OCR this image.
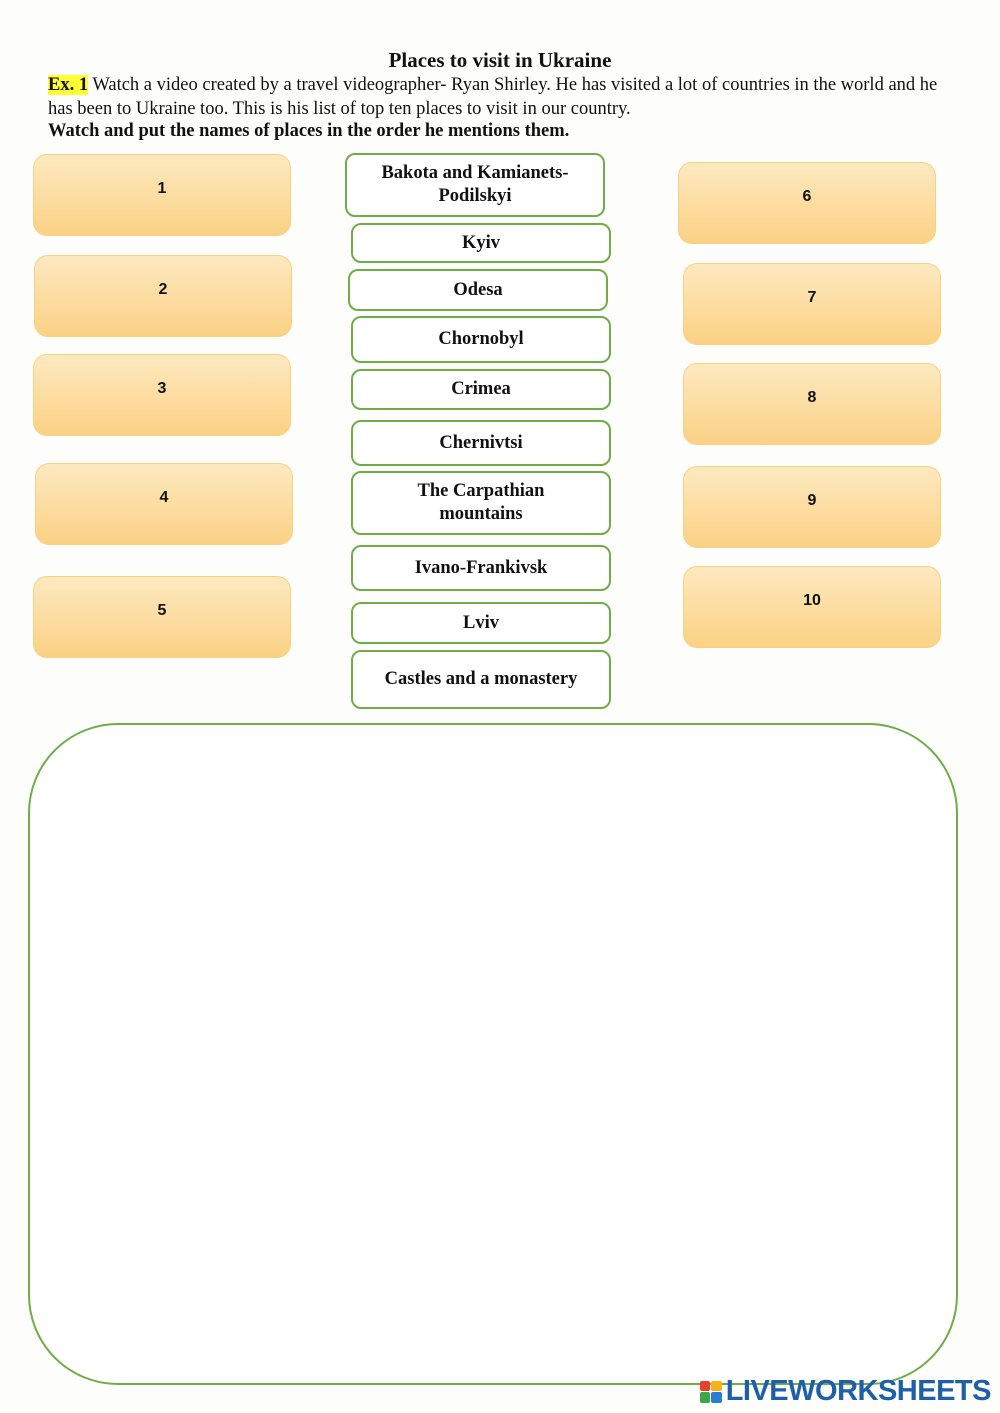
Places to visit in Ukraine
Ex. 1 Watch a video created by a travel videographer- Ryan Shirley. He has visited a lot of countries in the world and he has been to Ukraine too. This is his list of top ten places to visit in our country.
Watch and put the names of places in the order he mentions them.
1
2
3
4
5
6
7
8
9
10
Bakota and Kamianets-Podilskyi
Kyiv
Odesa
Chornobyl
Crimea
Chernivtsi
The Carpathian mountains
Ivano-Frankivsk
Lviv
Castles and a monastery
LIVEWORKSHEETS
